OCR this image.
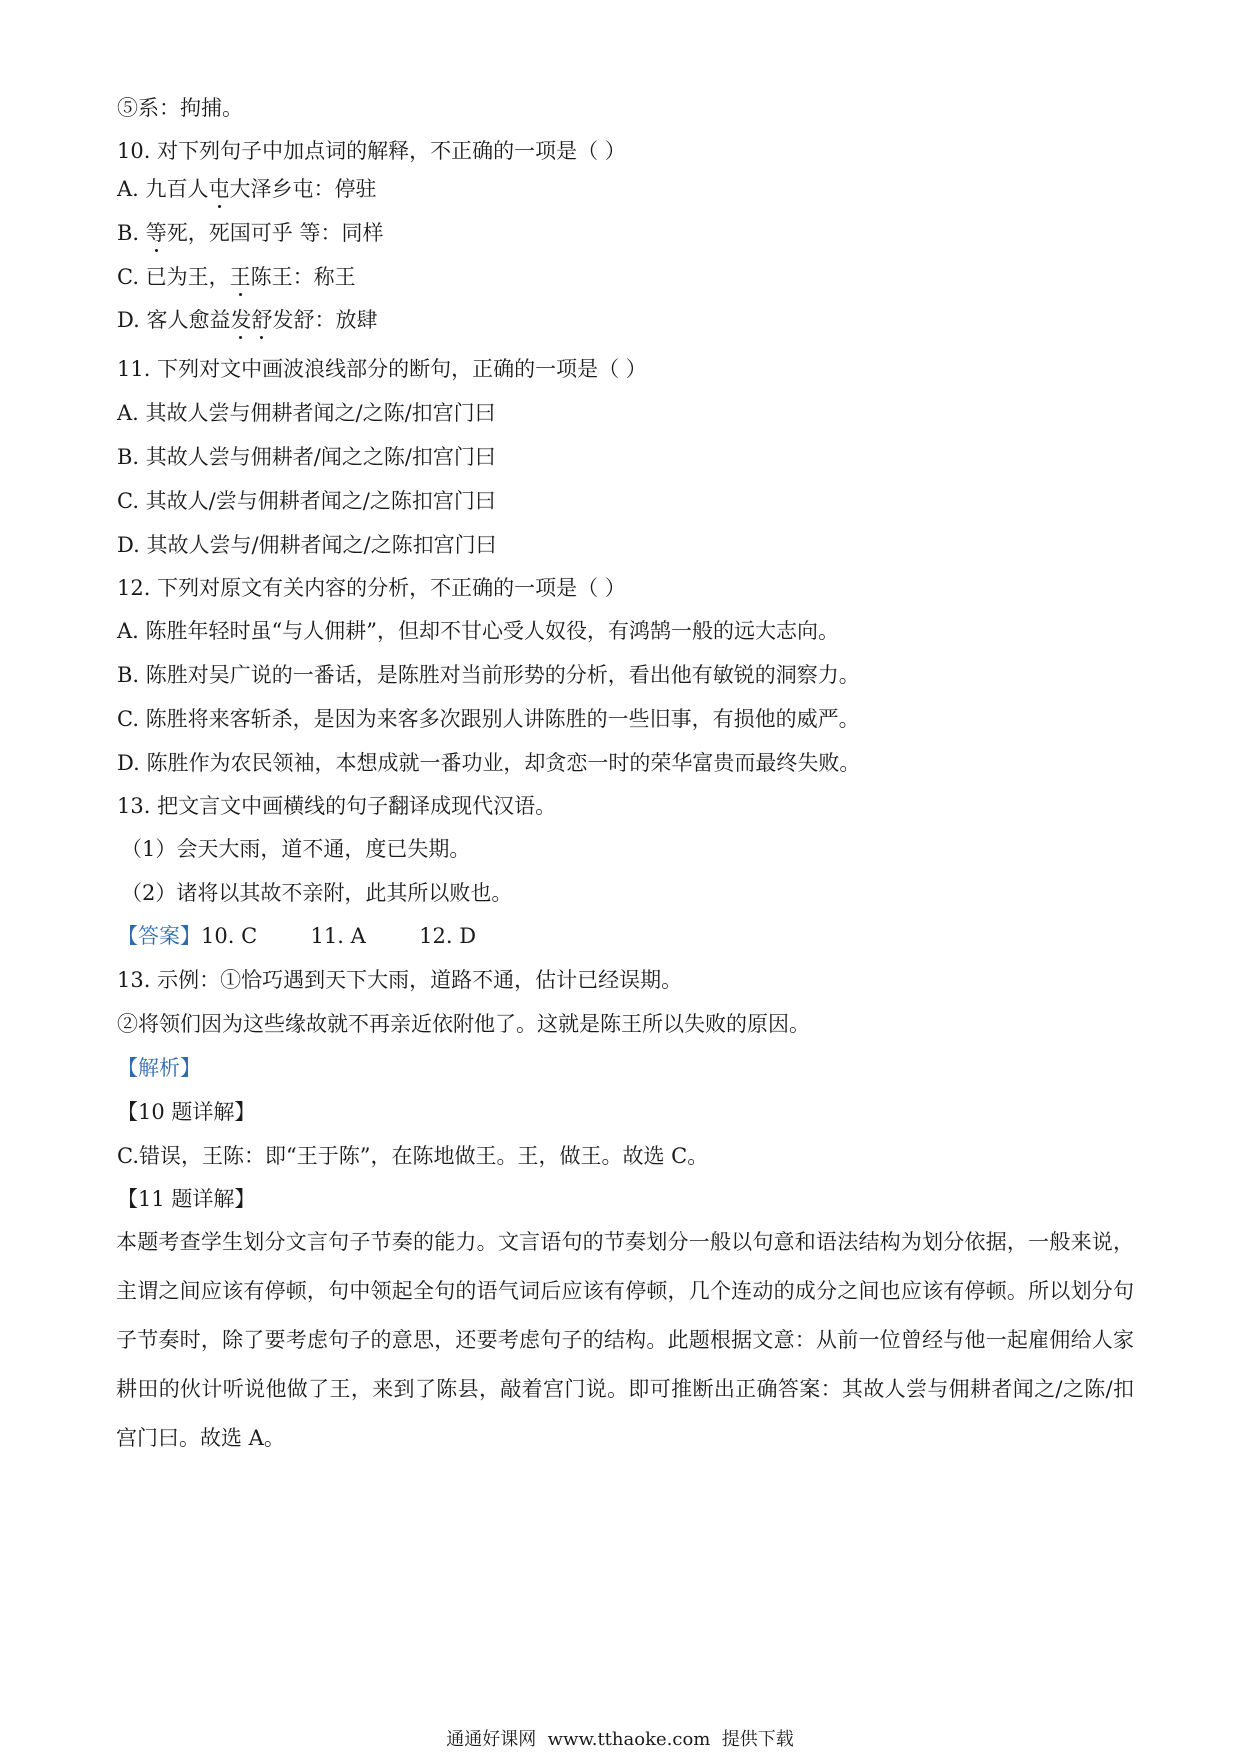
⑤系：拘捕。
10. 对下列句子中加点词的解释，不正确的一项是（ ）
A. 九百人屯大泽乡屯：停驻
B. 等死，死国可乎 等：同样
C. 已为王，王陈王：称王
D. 客人愈益发舒发舒：放肆
11. 下列对文中画波浪线部分的断句，正确的一项是（ ）
A. 其故人尝与佣耕者闻之/之陈/扣宫门曰
B. 其故人尝与佣耕者/闻之之陈/扣宫门曰
C. 其故人/尝与佣耕者闻之/之陈扣宫门曰
D. 其故人尝与/佣耕者闻之/之陈扣宫门曰
12. 下列对原文有关内容的分析，不正确的一项是（ ）
A. 陈胜年轻时虽“与人佣耕”，但却不甘心受人奴役，有鸿鹄一般的远大志向。
B. 陈胜对吴广说的一番话，是陈胜对当前形势的分析，看出他有敏锐的洞察力。
C. 陈胜将来客斩杀，是因为来客多次跟别人讲陈胜的一些旧事，有损他的威严。
D. 陈胜作为农民领袖，本想成就一番功业，却贪恋一时的荣华富贵而最终失败。
13. 把文言文中画横线的句子翻译成现代汉语。
（1）会天大雨，道不通，度已失期。
（2）诸将以其故不亲附，此其所以败也。
【答案】10. C        11. A        12. D
13. 示例：①恰巧遇到天下大雨，道路不通，估计已经误期。
②将领们因为这些缘故就不再亲近依附他了。这就是陈王所以失败的原因。
【解析】
【10 题详解】
C.错误，王陈：即“王于陈”，在陈地做王。王，做王。故选 C。
【11 题详解】
本题考查学生划分文言句子节奏的能力。文言语句的节奏划分一般以句意和语法结构为划分依据，一般来说，主谓之间应该有停顿，句中领起全句的语气词后应该有停顿，几个连动的成分之间也应该有停顿。所以划分句子节奏时，除了要考虑句子的意思，还要考虑句子的结构。此题根据文意：从前一位曾经与他一起雇佣给人家耕田的伙计听说他做了王，来到了陈县，敲着宫门说。即可推断出正确答案：其故人尝与佣耕者闻之/之陈/扣宫门曰。故选 A。
通通好课网  www.tthaoke.com  提供下载
